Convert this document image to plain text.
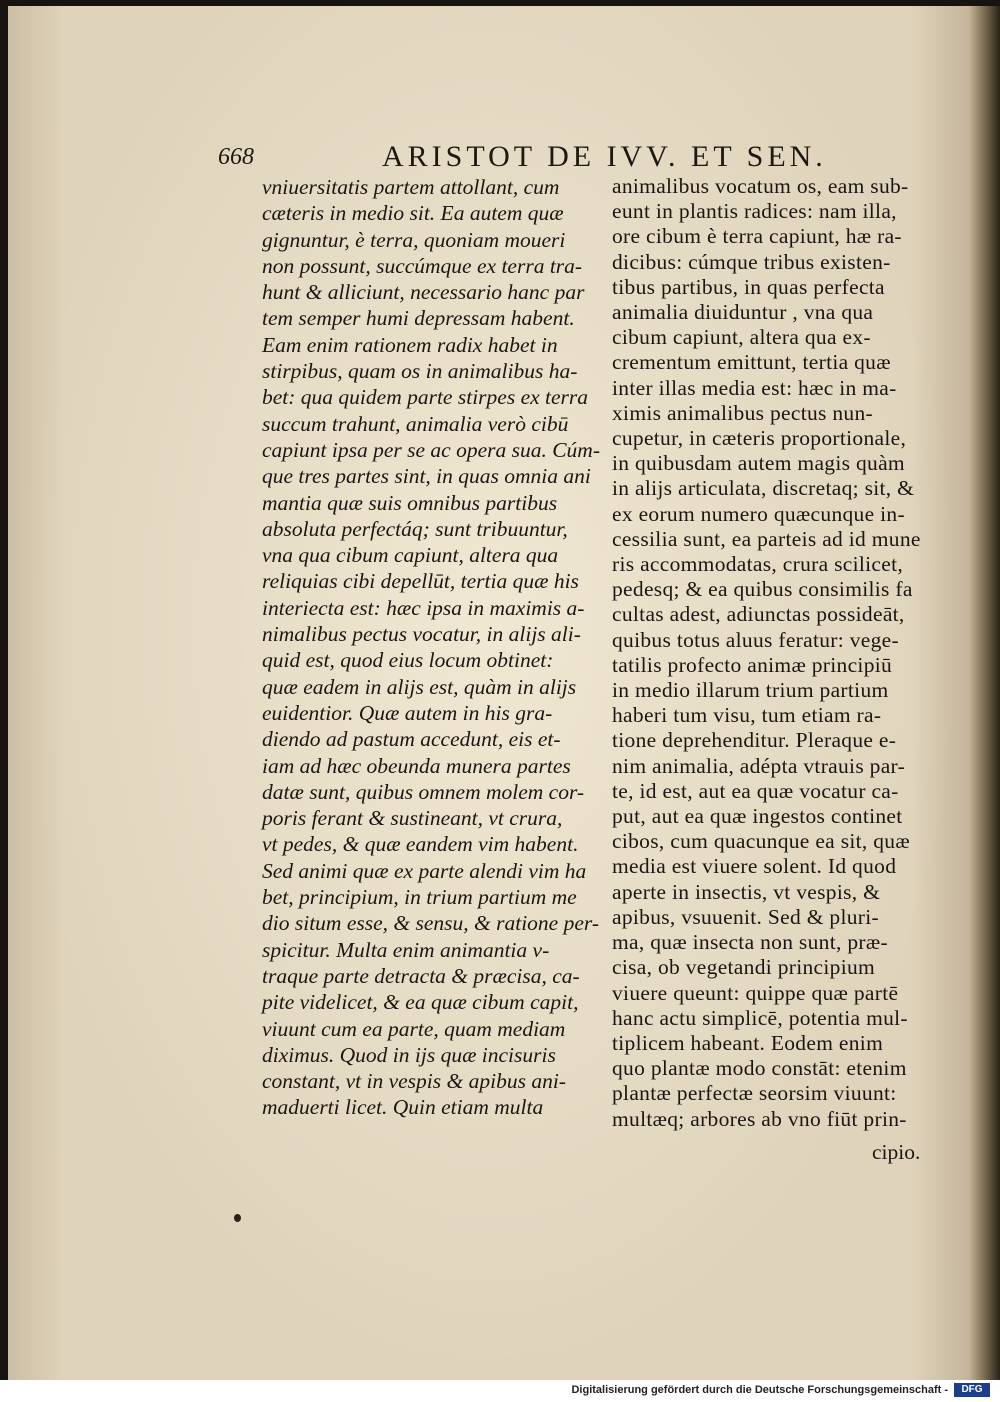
668	ARISTOT DE IVV. ET SEN.
vniuersitatis partem attollant, cum
cæteris in medio sit. Ea autem quæ
gignuntur, è terra, quoniam moueri
non possunt, succúmque ex terra tra-
hunt & alliciunt, necessario hanc par
tem semper humi depressam habent.
Eam enim rationem radix habet in
stirpibus, quam os in animalibus ha-
bet: qua quidem parte stirpes ex terra
succum trahunt, animalia verò cibū
capiunt ipsa per se ac opera sua. Cúm-
que tres partes sint, in quas omnia ani
mantia quæ suis omnibus partibus
absoluta perfectáq; sunt tribuuntur,
vna qua cibum capiunt, altera qua
reliquias cibi depellūt, tertia quæ his
interiecta est: hæc ipsa in maximis a-
nimalibus pectus vocatur, in alijs ali-
quid est, quod eius locum obtinet:
quæ eadem in alijs est, quàm in alijs
euidentior. Quæ autem in his gra-
diendo ad pastum accedunt, eis et-
iam ad hæc obeunda munera partes
datæ sunt, quibus omnem molem cor-
poris ferant & sustineant, vt crura,
vt pedes, & quæ eandem vim habent.
Sed animi quæ ex parte alendi vim ha
bet, principium, in trium partium me
dio situm esse, & sensu, & ratione per-
spicitur. Multa enim animantia v-
traque parte detracta & præcisa, ca-
pite videlicet, & ea quæ cibum capit,
viuunt cum ea parte, quam mediam
diximus. Quod in ijs quæ incisuris
constant, vt in vespis & apibus ani-
maduerti licet. Quin etiam multa
animalibus vocatum os, eam sub-
eunt in plantis radices: nam illa,
ore cibum è terra capiunt, hæ ra-
dicibus: cúmque tribus existen-
tibus partibus, in quas perfecta
animalia diuiduntur , vna qua
cibum capiunt, altera qua ex-
crementum emittunt, tertia quæ
inter illas media est: hæc in ma-
ximis animalibus pectus nun-
cupetur, in cæteris proportionale,
in quibusdam autem magis quàm
in alijs articulata, discretaq; sit, &
ex eorum numero quæcunque in-
cessilia sunt, ea parteis ad id mune
ris accommodatas, crura scilicet,
pedesq; & ea quibus consimilis fa
cultas adest, adiunctas possideāt,
quibus totus aluus feratur: vege-
tatilis profecto animæ principiū
in medio illarum trium partium
haberi tum visu, tum etiam ra-
tione deprehenditur. Pleraque e-
nim animalia, adépta vtrauis par-
te, id est, aut ea quæ vocatur ca-
put, aut ea quæ ingestos continet
cibos, cum quacunque ea sit, quæ
media est viuere solent. Id quod
aperte in insectis, vt vespis, &
apibus, vsuuenit. Sed & pluri-
ma, quæ insecta non sunt, præ-
cisa, ob vegetandi principium
viuere queunt: quippe quæ partē
hanc actu simplicē, potentia mul-
tiplicem habeant. Eodem enim
quo plantæ modo constāt: etenim
plantæ perfectæ seorsim viuunt:
multæq; arbores ab vno fiūt prin-
cipio.
Digitalisierung gefördert durch die Deutsche Forschungsgemeinschaft -	DFG
